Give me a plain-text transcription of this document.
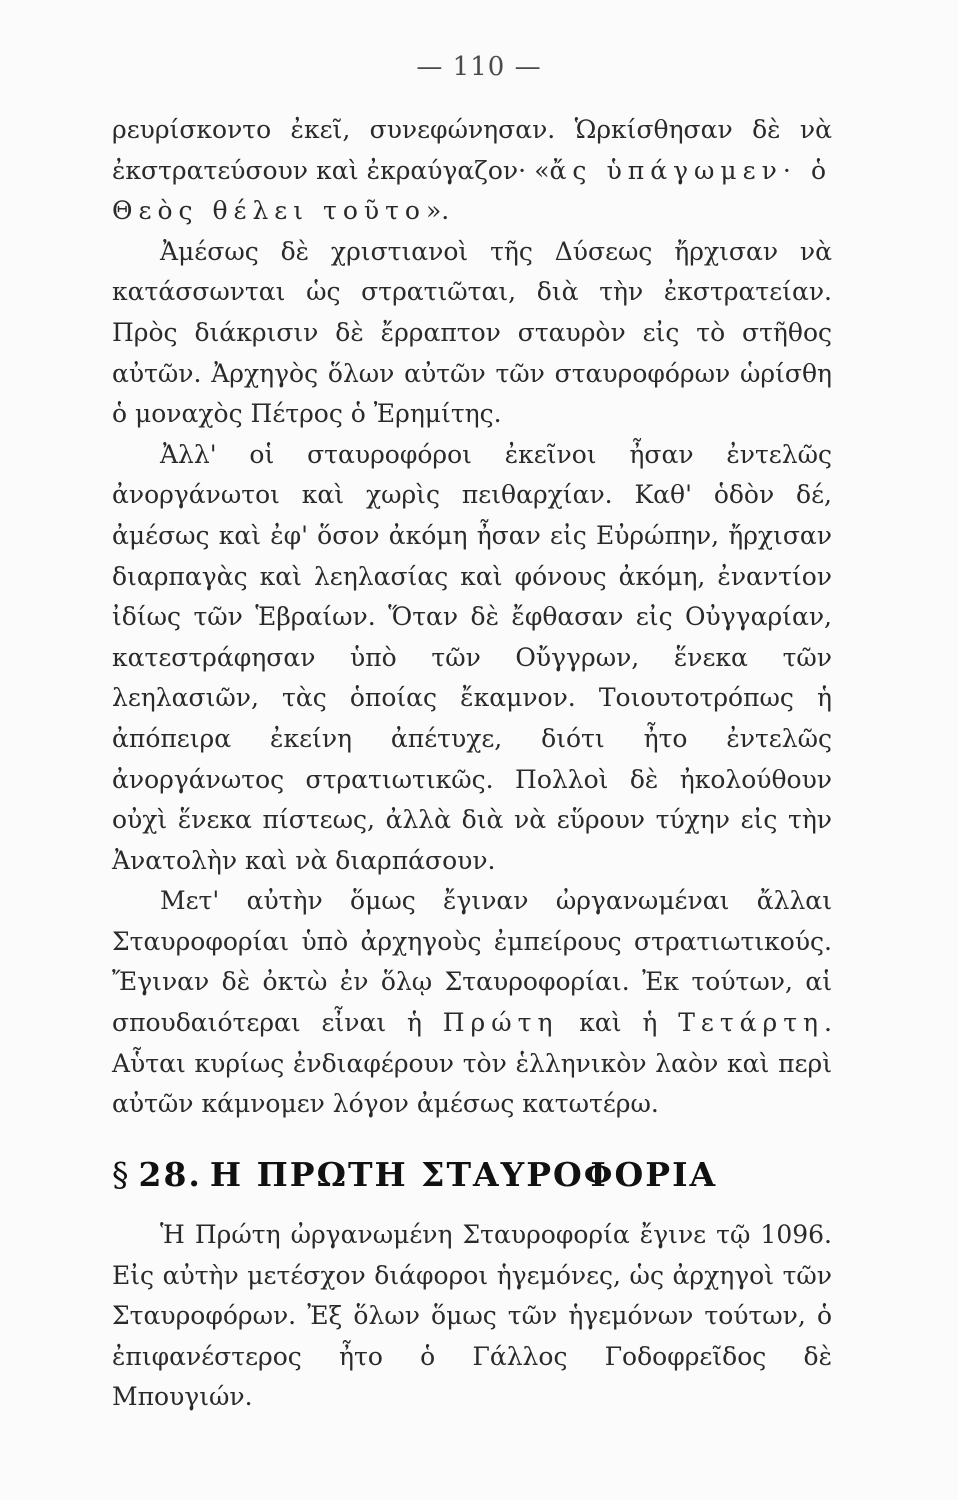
— 110 —

ρευρίσκοντο ἐκεῖ, συνεφώνησαν. Ὡρκίσθησαν δὲ νὰ ἐκστρατεύσουν καὶ ἐκραύγαζον· «ἄς ὑπάγωμεν· ὁ Θεὸς θέλει τοῦτο».

Ἀμέσως δὲ χριστιανοὶ τῆς Δύσεως ἤρχισαν νὰ κατάσσωνται ὡς στρατιῶται, διὰ τὴν ἐκστρατείαν. Πρὸς διάκρισιν δὲ ἔρραπτον σταυρὸν εἰς τὸ στῆθος αὐτῶν. Ἀρχηγὸς ὅλων αὐτῶν τῶν σταυροφόρων ὡρίσθη ὁ μοναχὸς Πέτρος ὁ Ἐρημίτης.

Ἀλλ' οἱ σταυροφόροι ἐκεῖνοι ἦσαν ἐντελῶς ἀνοργάνωτοι καὶ χωρὶς πειθαρχίαν. Καθ' ὁδὸν δέ, ἀμέσως καὶ ἐφ' ὅσον ἀκόμη ἦσαν εἰς Εὐρώπην, ἤρχισαν διαρπαγὰς καὶ λεηλασίας καὶ φόνους ἀκόμη, ἐναντίον ἰδίως τῶν Ἑβραίων. Ὅταν δὲ ἔφθασαν εἰς Οὐγγαρίαν, κατεστράφησαν ὑπὸ τῶν Οὔγγρων, ἕνεκα τῶν λεηλασιῶν, τὰς ὁποίας ἔκαμνον. Τοιουτοτρόπως ἡ ἀπόπειρα ἐκείνη ἀπέτυχε, διότι ἦτο ἐντελῶς ἀνοργάνωτος στρατιωτικῶς. Πολλοὶ δὲ ἠκολούθουν οὐχὶ ἕνεκα πίστεως, ἀλλὰ διὰ νὰ εὕρουν τύχην εἰς τὴν Ἀνατολὴν καὶ νὰ διαρπάσουν.

Μετ' αὐτὴν ὅμως ἔγιναν ὠργανωμέναι ἄλλαι Σταυροφορίαι ὑπὸ ἀρχηγοὺς ἐμπείρους στρατιωτικούς. Ἔγιναν δὲ ὀκτὼ ἐν ὅλῳ Σταυροφορίαι. Ἐκ τούτων, αἱ σπουδαιότεραι εἶναι ἡ Πρώτη καὶ ἡ Τετάρτη. Αὗται κυρίως ἐνδιαφέρουν τὸν ἑλληνικὸν λαὸν καὶ περὶ αὐτῶν κάμνομεν λόγον ἀμέσως κατωτέρω.

§ 28. Η ΠΡΩΤΗ ΣΤΑΥΡΟΦΟΡΙΑ

Ἡ Πρώτη ὠργανωμένη Σταυροφορία ἔγινε τῷ 1096. Εἰς αὐτὴν μετέσχον διάφοροι ἡγεμόνες, ὡς ἀρχηγοὶ τῶν Σταυροφόρων. Ἐξ ὅλων ὅμως τῶν ἡγεμόνων τούτων, ὁ ἐπιφανέστερος ἦτο ὁ Γάλλος Γοδοφρεῖδος δὲ Μπουγιών.
